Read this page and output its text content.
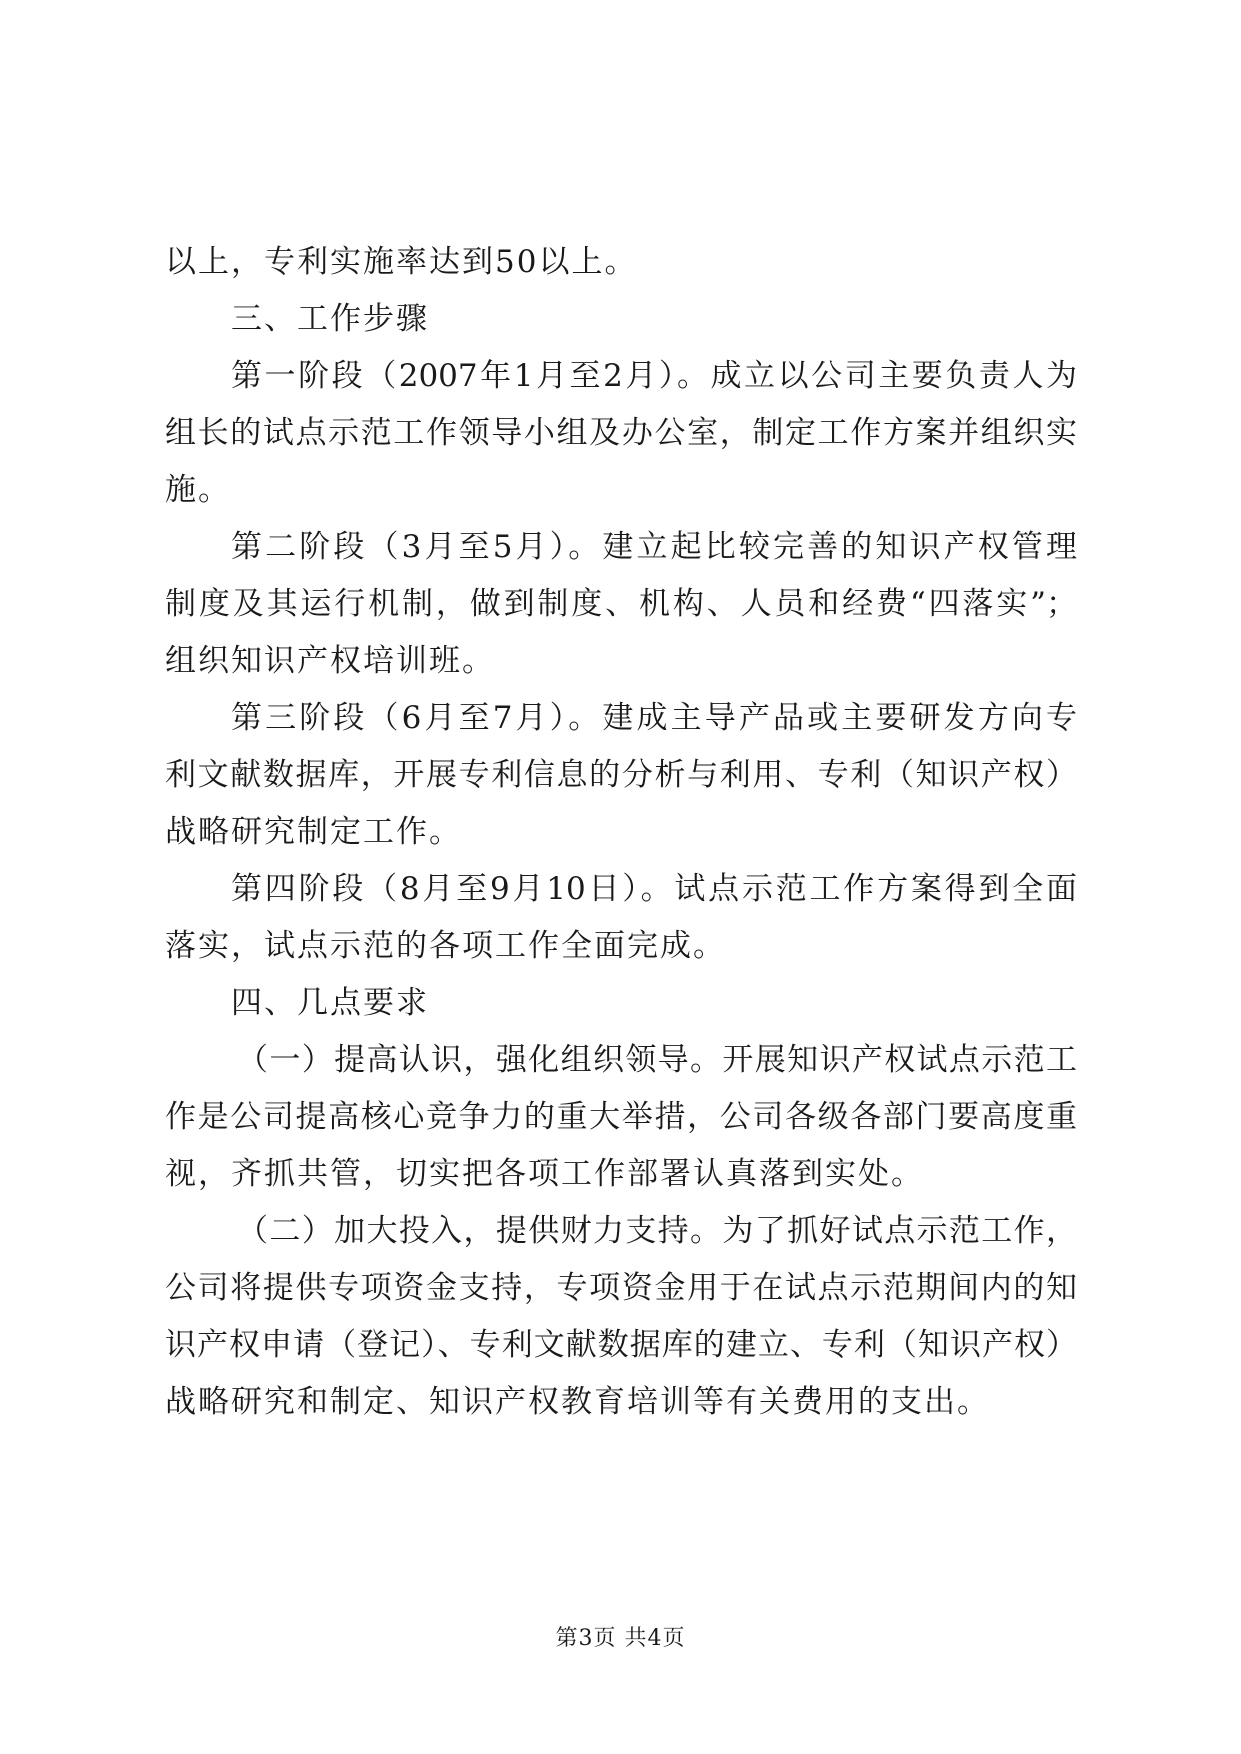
以上，专利实施率达到50以上。
三、工作步骤
第一阶段（2007年1月至2月）。成立以公司主要负责人为
组长的试点示范工作领导小组及办公室，制定工作方案并组织实
施。
第二阶段（3月至5月）。建立起比较完善的知识产权管理
制度及其运行机制，做到制度、机构、人员和经费“四落实”；
组织知识产权培训班。
第三阶段（6月至7月）。建成主导产品或主要研发方向专
利文献数据库，开展专利信息的分析与利用、专利（知识产权）
战略研究制定工作。
第四阶段（8月至9月10日）。试点示范工作方案得到全面
落实，试点示范的各项工作全面完成。
四、几点要求
（一）提高认识，强化组织领导。开展知识产权试点示范工
作是公司提高核心竞争力的重大举措，公司各级各部门要高度重
视，齐抓共管，切实把各项工作部署认真落到实处。
（二）加大投入，提供财力支持。为了抓好试点示范工作，
公司将提供专项资金支持，专项资金用于在试点示范期间内的知
识产权申请（登记）、专利文献数据库的建立、专利（知识产权）
战略研究和制定、知识产权教育培训等有关费用的支出。
第3页 共4页
